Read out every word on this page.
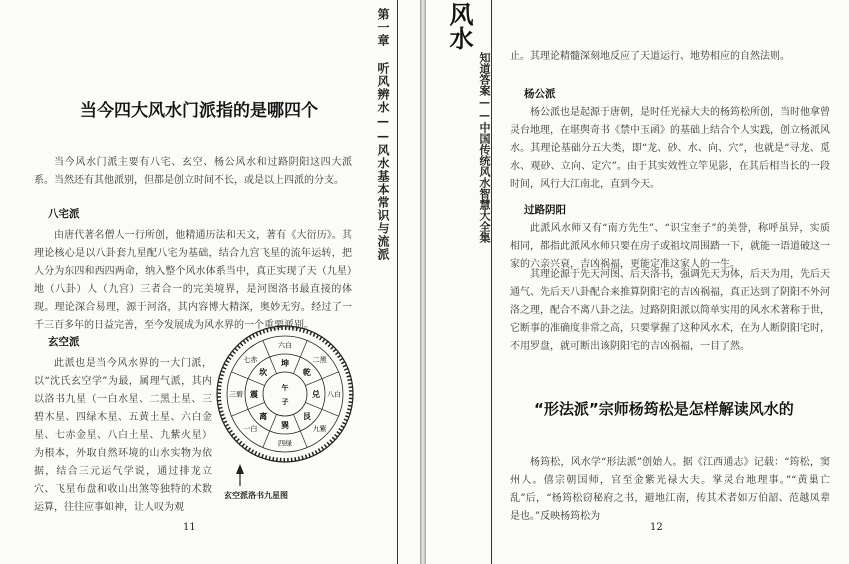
第一章 听风辨水——风水基本常识与流派
当今四大风水门派指的是哪四个

当今风水门派主要有八宅、玄空、杨公风水和过路阴阳这四大派系。当然还有其他派别，但都是创立时间不长，或是以上四派的分支。

八宅派

由唐代著名僧人一行所创，他精通历法和天文，著有《大衍历》。其理论核心是以八卦套九星配八宅为基础，结合九宫飞星的流年运转，把人分为东四和西四两命，纳入整个风水体系当中，真正实现了天（九星）地（八卦）人（九宫）三者合一的完美境界，是河图洛书最直接的体现。理论深合易理，源于河洛，其内容博大精深，奥妙无穷。经过了一千三百多年的日益完善，至今发展成为风水界的一个重要派别。

玄空派

此派也是当今风水界的一大门派，以“沈氏玄空学”为最，属理气派，其内以洛书九星（一白水星、二黑土星、三碧木星、四绿木星、五黄土星、六白金星、七赤金星、八白土星、九紫火星）为根本，外取自然环境的山水实物为依据，结合三元运气学说，通过排龙立穴、飞星布盘和收山出煞等独特的术数运算，往往应事如神，让人叹为观

六白
二黑
八白
九紫
四绿
一白
三碧
七赤	坤
乾
兑
艮
巽
离
震
坎
午
子
玄空派洛书九星图
11
风水
知道答案——中国传统风水智慧大全集	止。其理论精髓深刻地反应了天道运行、地势相应的自然法则。

杨公派

杨公派也是起源于唐朝，是时任光禄大夫的杨筠松所创，当时他拿曾灵台地理，在堪舆奇书《禁中玉函》的基础上结合个人实践，创立杨派风水。其理论基础分五大类，即“龙、砂、水、向、穴”，也就是“寻龙、觅水、观砂、立向、定穴”。由于其实效性立竿见影，在其后相当长的一段时间，风行大江南北，直到今天。

过路阴阳

此派风水师又有“南方先生”、“识宝奎子”的美誉，称呼虽异，实质相同，都指此派风水师只要在房子或祖坟周围踏一下，就能一语道破这一家的六亲兴衰，吉凶祸福，更能定准这家人的一生。

其理论源于先天河图、后天洛书，强调先天为体，后天为用，先后天通气、先后天八卦配合来推算阴阳宅的吉凶祸福，真正达到了阴阳不外河洛之理，配合不离八卦之法。过路阴阳派以简单实用的风水术著称于世，它断事的准确度非常之高，只要掌握了这种风水术，在为人断阴阳宅时，不用罗盘，就可断出该阴阳宅的吉凶祸福，一目了然。

“形法派”宗师杨筠松是怎样解读风水的

杨筠松，风水学“形法派”创始人。据《江西通志》记载：“筠松，窦州人。僖宗朝国师，官至金紫光禄大夫。掌灵台地理事。”“黄巢亡乱”后，“杨筠松窃秘府之书，避地江南，传其术者如万伯韶、范越凤辈是也。”反映杨筠松为

12
